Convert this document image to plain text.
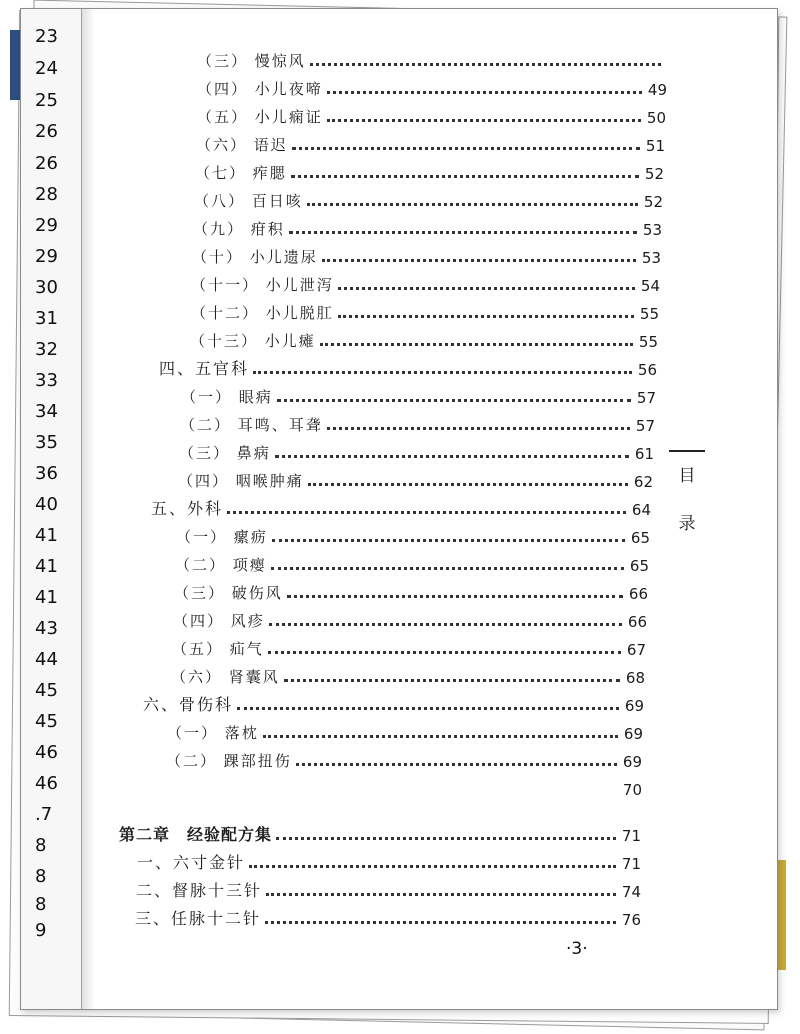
23
24
25
26
26
28
29
29
30
31
32
33
34
35
36
40
41
41
41
43
44
45
45
46
46
.7
8
8
8
9
（三） 慢惊风
（四） 小儿夜啼	49
（五） 小儿痫证	50
（六） 语迟	51
（七） 痄腮	52
（八） 百日咳	52
（九） 疳积	53
（十） 小儿遗尿	53
（十一） 小儿泄泻	54
（十二） 小儿脱肛	55
（十三） 小儿瘫	55
四、五官科	56
（一） 眼病	57
（二） 耳鸣、耳聋	57
（三） 鼻病	61
（四） 咽喉肿痛	62
五、外科	64
（一） 瘰疬	65
（二） 项瘿	65
（三） 破伤风	66
（四） 风疹	66
（五） 疝气	67
（六） 肾囊风	68
六、骨伤科	69
（一） 落枕	69
（二） 踝部扭伤	69
70
第二章　经验配方集	71
一、六寸金针	71
二、督脉十三针	74
三、任脉十二针	76
目
录
·3·
